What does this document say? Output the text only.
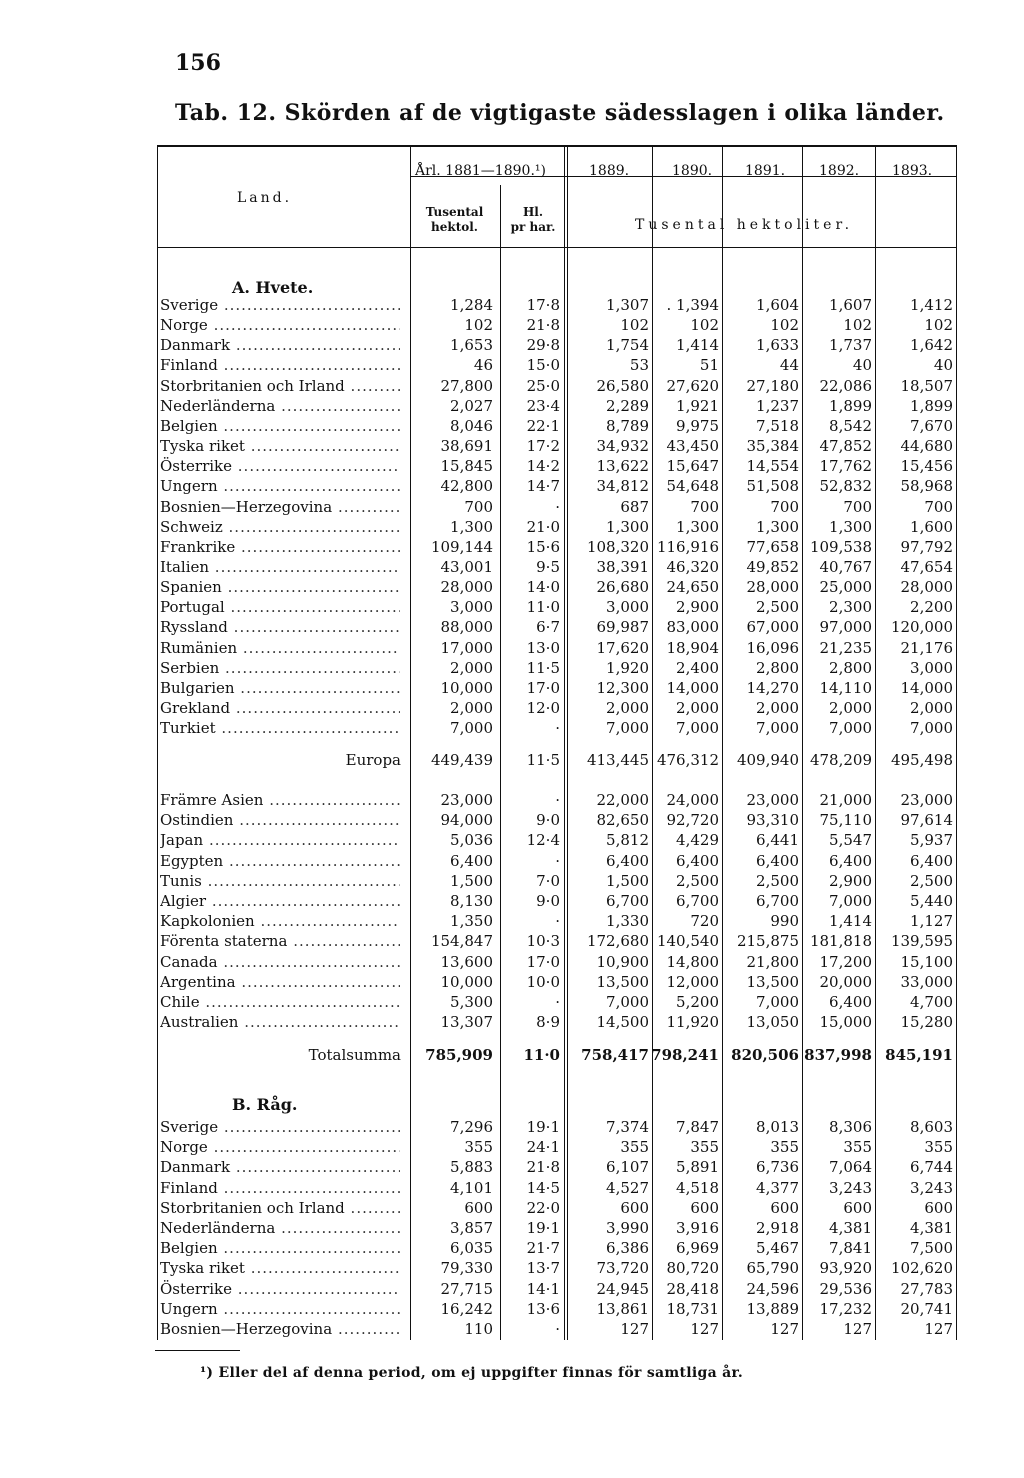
156
Tab. 12. Skörden af de vigtigaste sädesslagen i olika länder.
Land.
Årl. 1881—1890.¹)
Tusental
hektol.
Hl.
pr har.
1889.	1890. 1891. 1892. 1893.
Tusental hektoliter.
A. Hvete.
Sverige .....	1,284 17·8	1,307 . 1,394 1,604 1,607	1,412
Norge .....	102 21·8	102	102	102	102	102
Danmark .....	1,653 29·8	1,754 1,414 1,633 1,737	1,642
Finland .....	46 15·0	53	51	44	40	40
Storbritanien och Irland .....	27,800 25·0 26,580 27,620 27,180 22,086 18,507
Nederländerna .....	2,027 23·4	2,289 1,921 1,237 1,899	1,899
Belgien .....	8,046 22·1	8,789 9,975 7,518 8,542	7,670
Tyska riket .....	38,691 17·2 34,932 43,450 35,384 47,852 44,680
Österrike .....	15,845 14·2 13,622 15,647 14,554 17,762 15,456
Ungern .....	42,800 14·7 34,812 54,648 51,508 52,832 58,968
Bosnien—Herzegovina .....	700	·	687	700	700	700	700
Schweiz .....	1,300 21·0	1,300 1,300 1,300 1,300	1,600
Frankrike .....	109,144 15·6 108,320 116,916 77,658 109,538 97,792
Italien .....	43,001	9·5 38,391 46,320 49,852 40,767 47,654
Spanien .....	28,000 14·0 26,680 24,650 28,000 25,000 28,000
Portugal .....	3,000 11·0	3,000 2,900 2,500 2,300	2,200
Ryssland .....	88,000	6·7 69,987 83,000 67,000 97,000 120,000
Rumänien .....	17,000 13·0 17,620 18,904 16,096 21,235 21,176
Serbien .....	2,000 11·5	1,920 2,400 2,800 2,800	3,000
Bulgarien .....	10,000 17·0 12,300 14,000 14,270 14,110 14,000
Grekland .....	2,000 12·0	2,000 2,000 2,000 2,000	2,000
Turkiet .....	7,000	·	7,000 7,000 7,000 7,000	7,000
Europa 449,439 11·5 413,445 476,312 409,940 478,209 495,498
Främre Asien .....	23,000	· 22,000 24,000 23,000 21,000 23,000
Ostindien .....	94,000	9·0 82,650 92,720 93,310 75,110 97,614
Japan .....	5,036 12·4	5,812 4,429 6,441 5,547	5,937
Egypten .....	6,400	·	6,400 6,400 6,400 6,400	6,400
Tunis .....	1,500	7·0	1,500 2,500 2,500 2,900	2,500
Algier .....	8,130	9·0	6,700 6,700 6,700 7,000	5,440
Kapkolonien .....	1,350	·	1,330	720	990 1,414	1,127
Förenta staterna .....	154,847 10·3 172,680 140,540 215,875 181,818 139,595
Canada .....	13,600 17·0 10,900 14,800 21,800 17,200 15,100
Argentina .....	10,000 10·0 13,500 12,000 13,500 20,000 33,000
Chile .....	5,300	·	7,000 5,200 7,000 6,400	4,700
Australien .....	13,307	8·9 14,500 11,920 13,050 15,000 15,280
Totalsumma 785,909 11·0 758,417 798,241 820,506 837,998 845,191
B. Råg.
Sverige .....	7,296 19·1	7,374 7,847 8,013 8,306	8,603
Norge .....	355 24·1	355	355	355	355	355
Danmark .....	5,883 21·8	6,107 5,891 6,736 7,064	6,744
Finland .....	4,101 14·5	4,527 4,518 4,377 3,243	3,243
Storbritanien och Irland .....	600 22·0	600	600	600	600	600
Nederländerna .....	3,857 19·1	3,990 3,916 2,918 4,381	4,381
Belgien .....	6,035 21·7	6,386 6,969 5,467 7,841	7,500
Tyska riket .....	79,330 13·7 73,720 80,720 65,790 93,920 102,620
Österrike .....	27,715 14·1 24,945 28,418 24,596 29,536 27,783
Ungern .....	16,242 13·6 13,861 18,731 13,889 17,232 20,741
Bosnien—Herzegovina .....	110	·	127	127	127	127	127
¹) Eller del af denna period, om ej uppgifter finnas för samtliga år.
